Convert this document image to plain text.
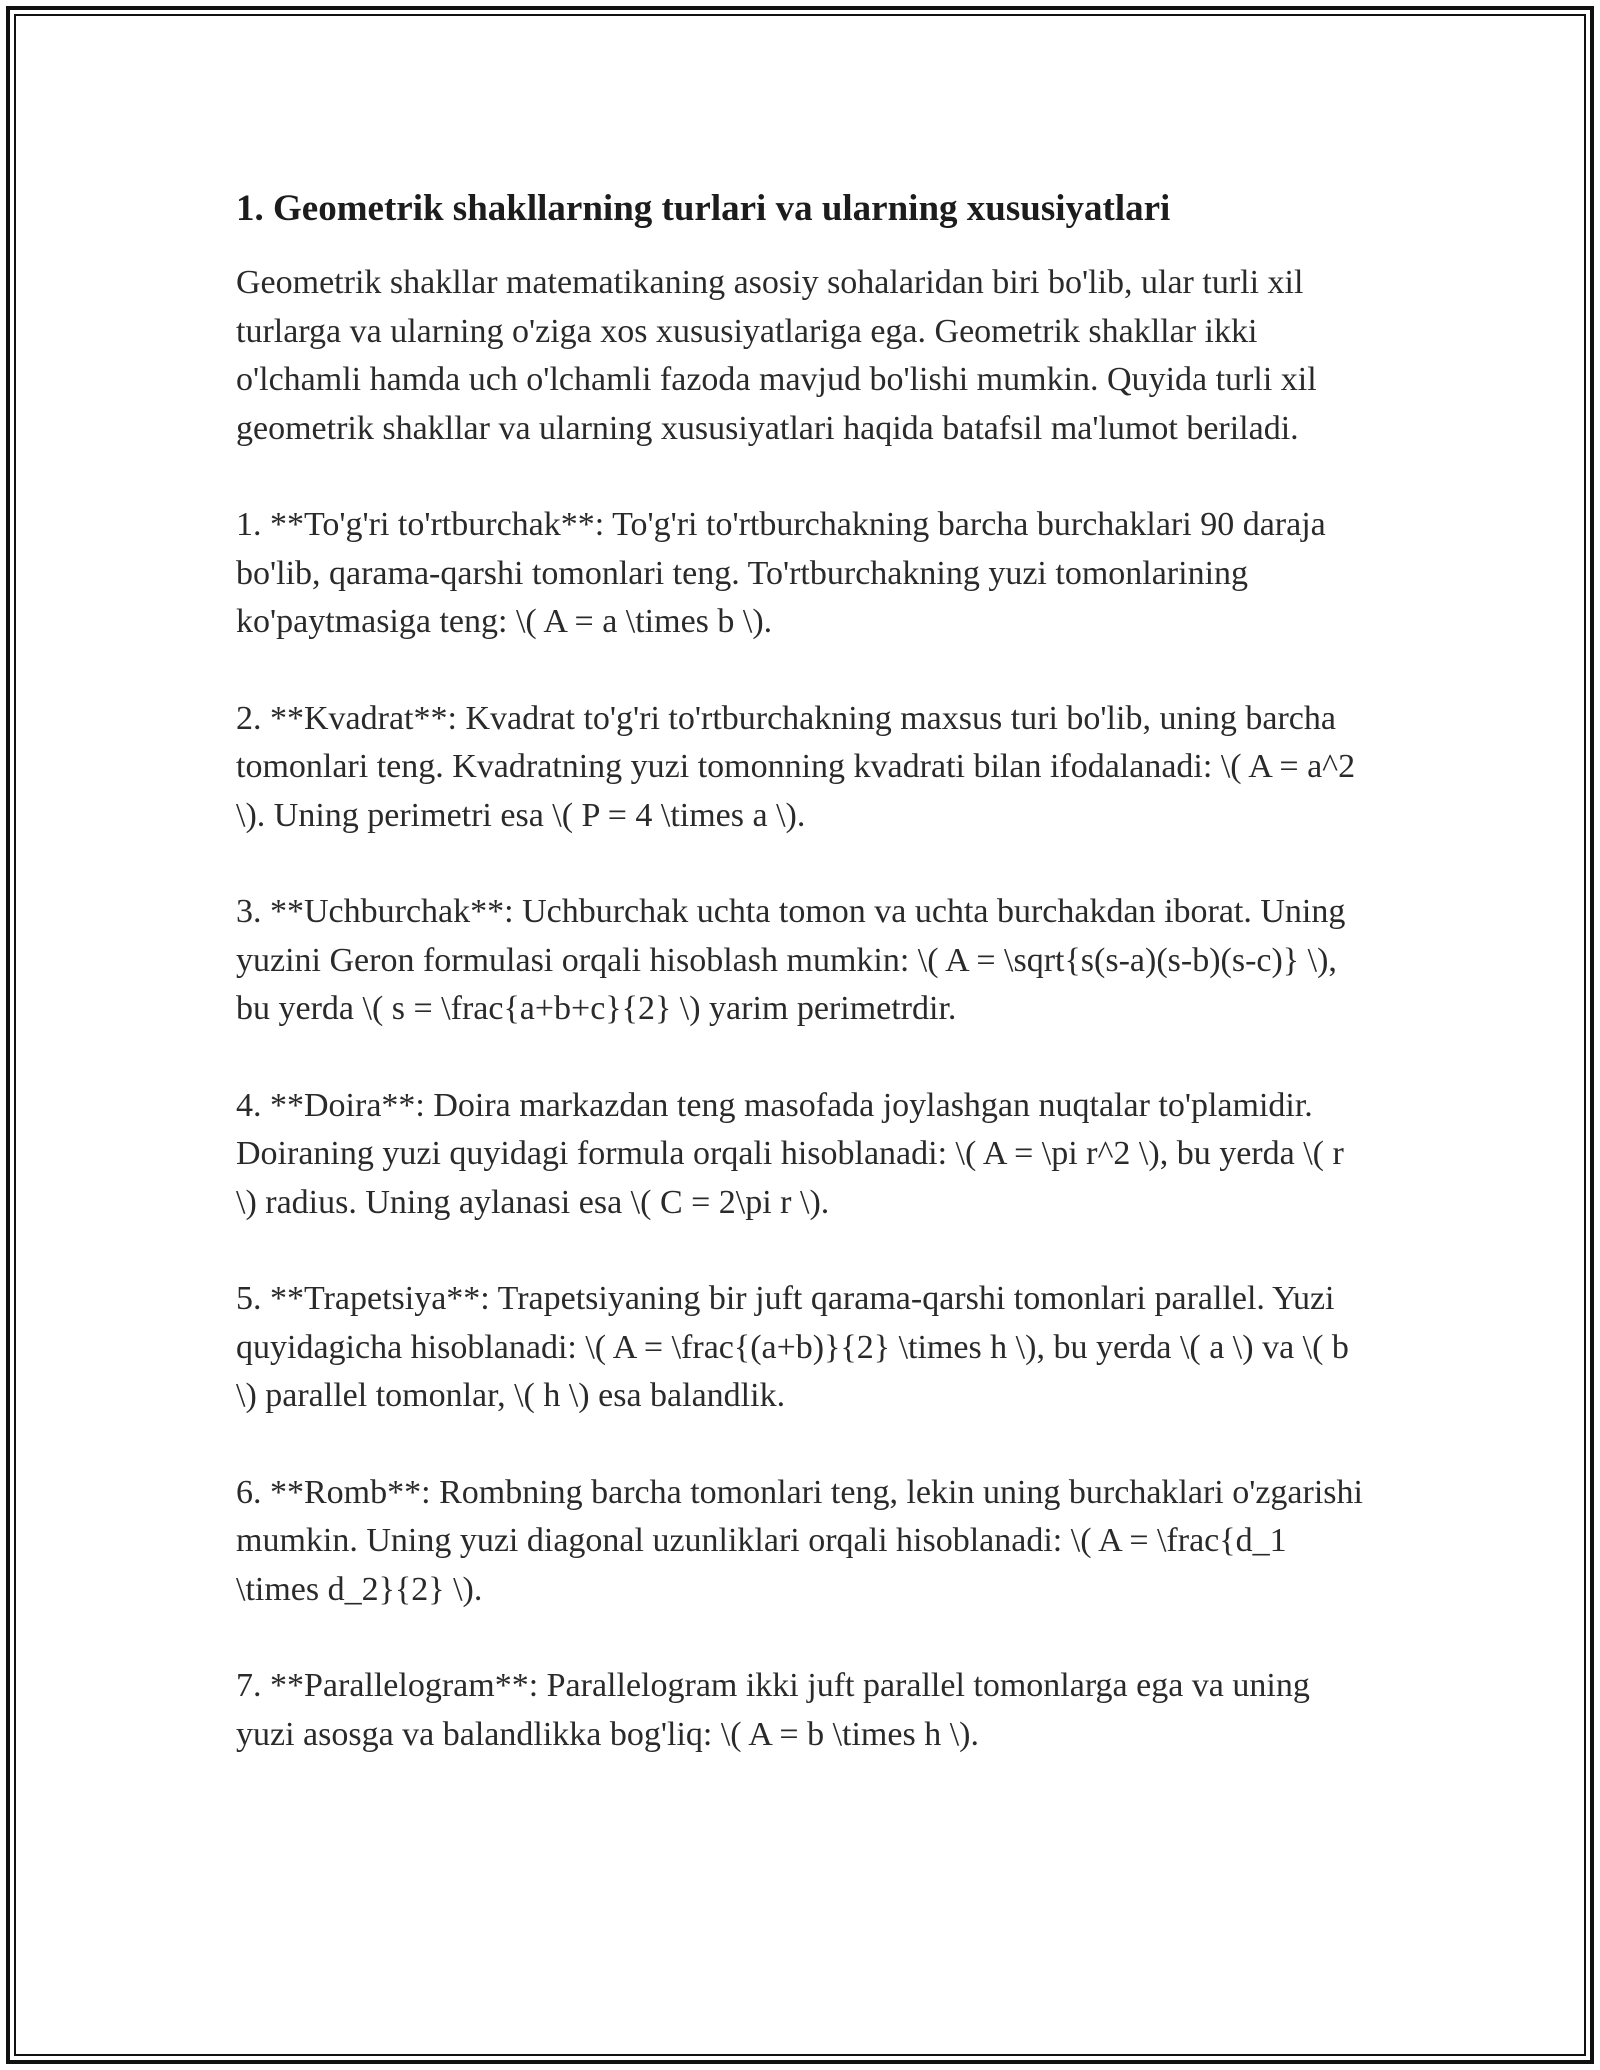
1. Geometrik shakllarning turlari va ularning xususiyatlari

Geometrik shakllar matematikaning asosiy sohalaridan biri bo'lib, ular turli xil turlarga va ularning o'ziga xos xususiyatlariga ega. Geometrik shakllar ikki o'lchamli hamda uch o'lchamli fazoda mavjud bo'lishi mumkin. Quyida turli xil geometrik shakllar va ularning xususiyatlari haqida batafsil ma'lumot beriladi.

1. **To'g'ri to'rtburchak**: To'g'ri to'rtburchakning barcha burchaklari 90 daraja bo'lib, qarama-qarshi tomonlari teng. To'rtburchakning yuzi tomonlarining ko'paytmasiga teng: \( A = a \times b \).

2. **Kvadrat**: Kvadrat to'g'ri to'rtburchakning maxsus turi bo'lib, uning barcha tomonlari teng. Kvadratning yuzi tomonning kvadrati bilan ifodalanadi: \( A = a^2 \). Uning perimetri esa \( P = 4 \times a \).

3. **Uchburchak**: Uchburchak uchta tomon va uchta burchakdan iborat. Uning yuzini Geron formulasi orqali hisoblash mumkin: \( A = \sqrt{s(s-a)(s-b)(s-c)} \), bu yerda \( s = \frac{a+b+c}{2} \) yarim perimetrdir.

4. **Doira**: Doira markazdan teng masofada joylashgan nuqtalar to'plamidir. Doiraning yuzi quyidagi formula orqali hisoblanadi: \( A = \pi r^2 \), bu yerda \( r \) radius. Uning aylanasi esa \( C = 2\pi r \).

5. **Trapetsiya**: Trapetsiyaning bir juft qarama-qarshi tomonlari parallel. Yuzi quyidagicha hisoblanadi: \( A = \frac{(a+b)}{2} \times h \), bu yerda \( a \) va \( b \) parallel tomonlar, \( h \) esa balandlik.

6. **Romb**: Rombning barcha tomonlari teng, lekin uning burchaklari o'zgarishi mumkin. Uning yuzi diagonal uzunliklari orqali hisoblanadi: \( A = \frac{d_1 \times d_2}{2} \).

7. **Parallelogram**: Parallelogram ikki juft parallel tomonlarga ega va uning yuzi asosga va balandlikka bog'liq: \( A = b \times h \).
